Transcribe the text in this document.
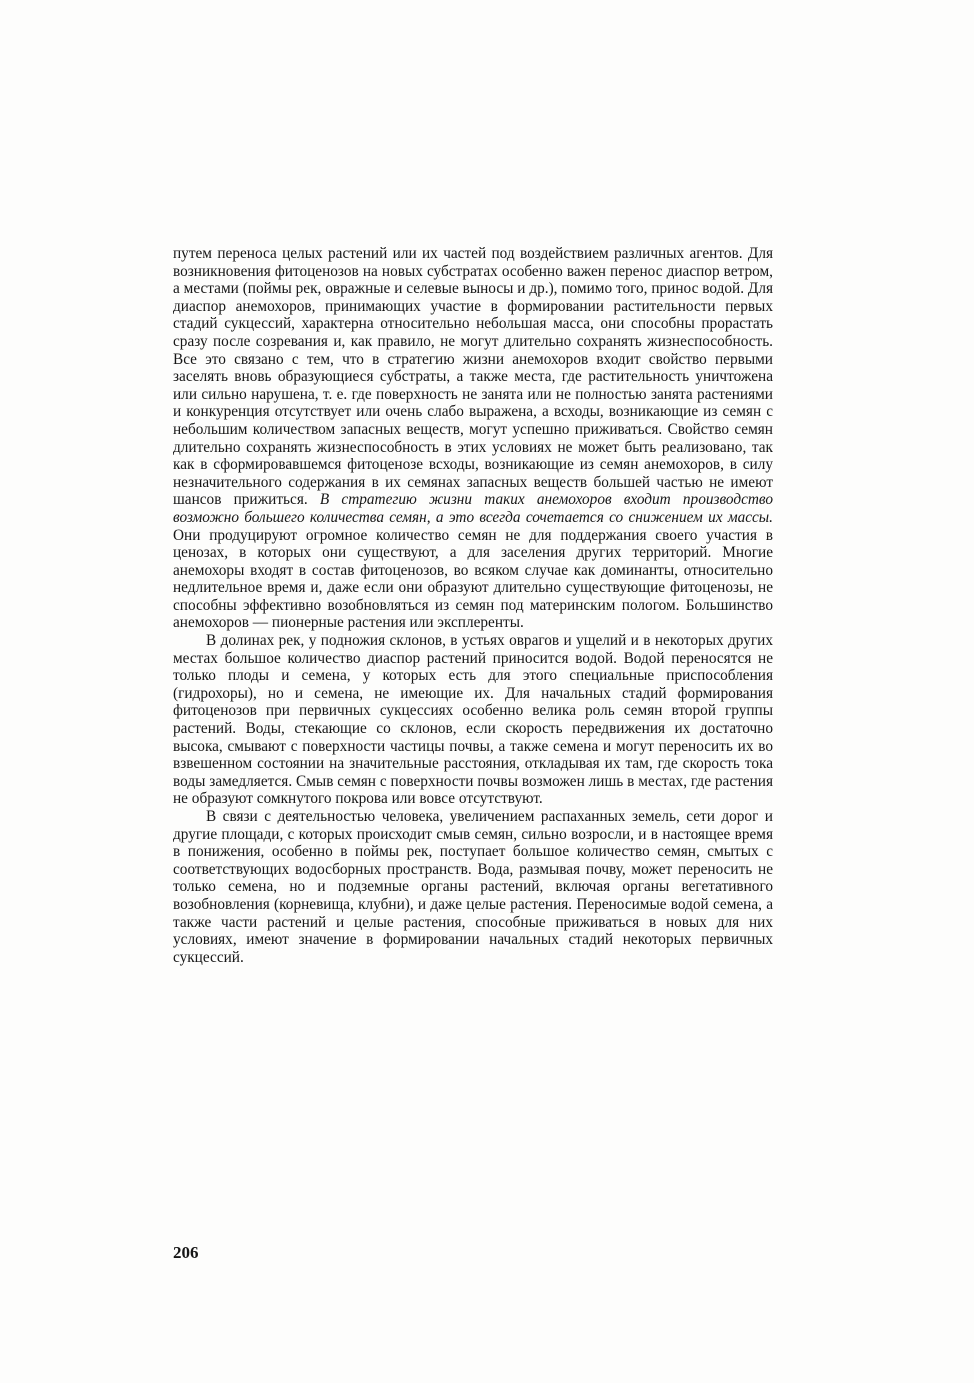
путем переноса целых растений или их частей под воздействием различных агентов. Для возникновения фитоценозов на новых субстратах особенно важен перенос диаспор ветром, а местами (поймы рек, овражные и селевые выносы и др.), помимо того, принос водой. Для диаспор анемохоров, принимающих участие в формировании растительности первых стадий сукцессий, характерна относительно небольшая масса, они способны прорастать сразу после созревания и, как правило, не могут длительно сохранять жизнеспособность. Все это связано с тем, что в стратегию жизни анемохоров входит свойство первыми заселять вновь образующиеся субстраты, а также места, где растительность уничтожена или сильно нарушена, т. е. где поверхность не занята или не полностью занята растениями и конкуренция отсутствует или очень слабо выражена, а всходы, возникающие из семян с небольшим количеством запасных веществ, могут успешно приживаться. Свойство семян длительно сохранять жизнеспособность в этих условиях не может быть реализовано, так как в сформировавшемся фитоценозе всходы, возникающие из семян анемохоров, в силу незначительного содержания в их семянах запасных веществ большей частью не имеют шансов прижиться. В стратегию жизни таких анемохоров входит производство возможно большего количества семян, а это всегда сочетается со снижением их массы. Они продуцируют огромное количество семян не для поддержания своего участия в ценозах, в которых они существуют, а для заселения других территорий. Многие анемохоры входят в состав фитоценозов, во всяком случае как доминанты, относительно недлительное время и, даже если они образуют длительно существующие фитоценозы, не способны эффективно возобновляться из семян под материнским пологом. Большинство анемохоров — пионерные растения или эксплеренты.

В долинах рек, у подножия склонов, в устьях оврагов и ущелий и в некоторых других местах большое количество диаспор растений приносится водой. Водой переносятся не только плоды и семена, у которых есть для этого специальные приспособления (гидрохоры), но и семена, не имеющие их. Для начальных стадий формирования фитоценозов при первичных сукцессиях особенно велика роль семян второй группы растений. Воды, стекающие со склонов, если скорость передвижения их достаточно высока, смывают с поверхности частицы почвы, а также семена и могут переносить их во взвешенном состоянии на значительные расстояния, откладывая их там, где скорость тока воды замедляется. Смыв семян с поверхности почвы возможен лишь в местах, где растения не образуют сомкнутого покрова или вовсе отсутствуют.

В связи с деятельностью человека, увеличением распаханных земель, сети дорог и другие площади, с которых происходит смыв семян, сильно возросли, и в настоящее время в понижения, особенно в поймы рек, поступает большое количество семян, смытых с соответствующих водосборных пространств. Вода, размывая почву, может переносить не только семена, но и подземные органы растений, включая органы вегетативного возобновления (корневища, клубни), и даже целые растения. Переносимые водой семена, а также части растений и целые растения, способные приживаться в новых для них условиях, имеют значение в формировании начальных стадий некоторых первичных сукцессий.

206
